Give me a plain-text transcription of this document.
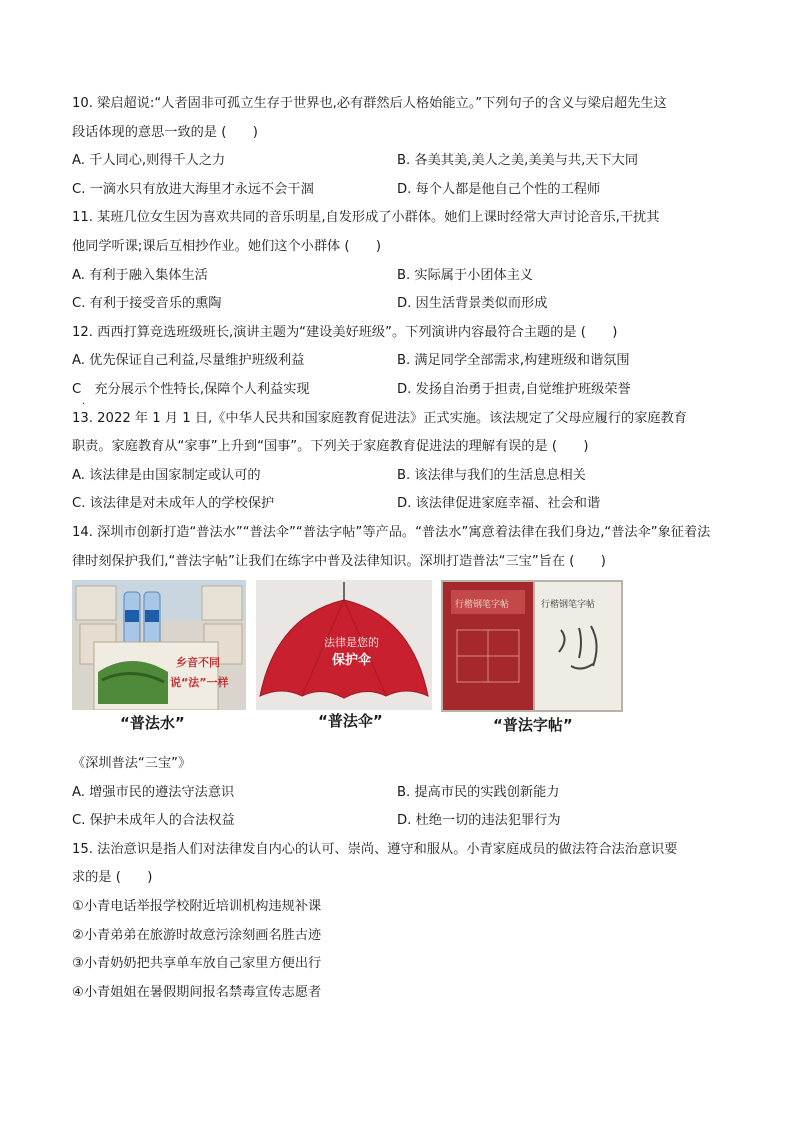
10. 梁启超说:“人者固非可孤立生存于世界也,必有群然后人格始能立。”下列句子的含义与梁启超先生这
段话体现的意思一致的是 (　　)
A. 千人同心,则得千人之力	B. 各美其美,美人之美,美美与共,天下大同
C. 一滴水只有放进大海里才永远不会干涸	D. 每个人都是他自己个性的工程师
11. 某班几位女生因为喜欢共同的音乐明星,自发形成了小群体。她们上课时经常大声讨论音乐,干扰其
他同学听课;课后互相抄作业。她们这个小群体 (　　)
A. 有利于融入集体生活	B. 实际属于小团体主义
C. 有利于接受音乐的熏陶	D. 因生活背景类似而形成
12. 西西打算竞选班级班长,演讲主题为“建设美好班级”。下列演讲内容最符合主题的是 (　　)
A. 优先保证自己利益,尽量维护班级利益	B. 满足同学全部需求,构建班级和谐氛围
C　充分展示个性特长,保障个人利益实现	D. 发扬自治勇于担责,自觉维护班级荣誉
·
13. 2022 年 1 月 1 日,《中华人民共和国家庭教育促进法》正式实施。该法规定了父母应履行的家庭教育
职责。家庭教育从“家事”上升到“国事”。下列关于家庭教育促进法的理解有误的是 (　　)
A. 该法律是由国家制定或认可的	B. 该法律与我们的生活息息相关
C. 该法律是对未成年人的学校保护	D. 该法律促进家庭幸福、社会和谐
14. 深圳市创新打造“普法水”“普法伞”“普法字帖”等产品。“普法水”寓意着法律在我们身边,“普法伞”象征着法
律时刻保护我们,“普法字帖”让我们在练字中普及法律知识。深圳打造普法“三宝”旨在 (　　)
乡音不同
说“法”一样
“普法水”
法律是您的
保护伞
“普法伞”
行楷钢笔字帖	行楷钢笔字帖
“普法字帖”
《深圳普法“三宝”》
A. 增强市民的遵法守法意识	B. 提高市民的实践创新能力
C. 保护未成年人的合法权益	D. 杜绝一切的违法犯罪行为
15. 法治意识是指人们对法律发自内心的认可、崇尚、遵守和服从。小青家庭成员的做法符合法治意识要
求的是 (　　)
①小青电话举报学校附近培训机构违规补课
②小青弟弟在旅游时故意污涂刻画名胜古迹
③小青奶奶把共享单车放自己家里方便出行
④小青姐姐在暑假期间报名禁毒宣传志愿者
